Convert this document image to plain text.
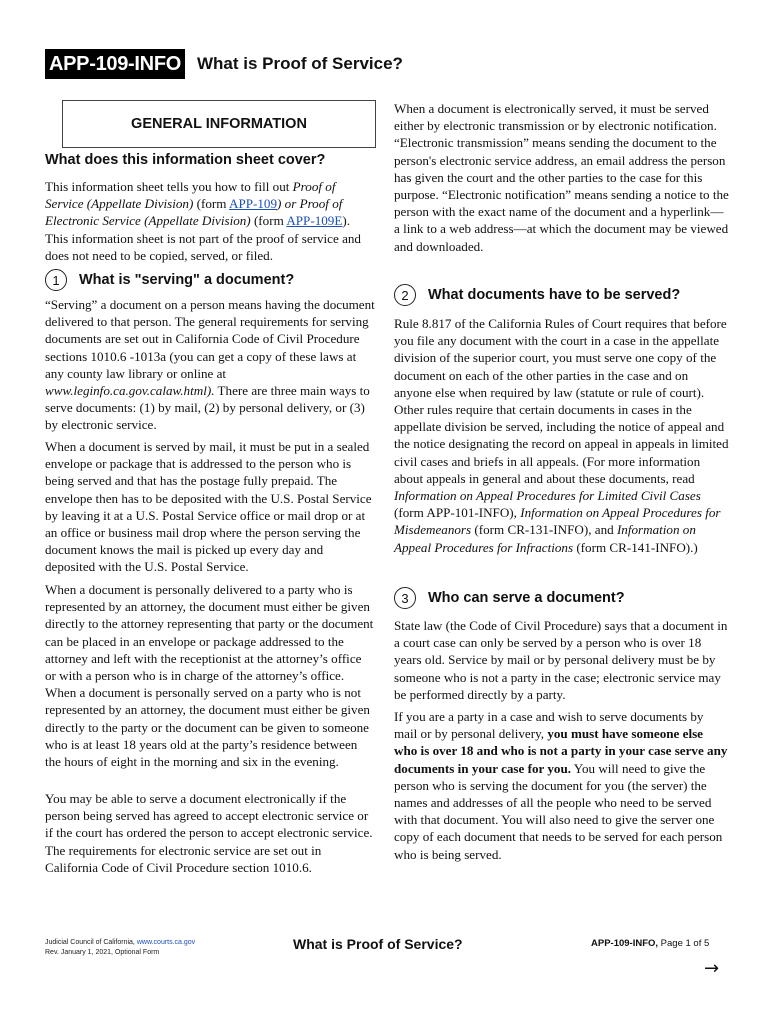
APP-109-INFO What is Proof of Service?
GENERAL INFORMATION
What does this information sheet cover?

This information sheet tells you how to fill out Proof of Service (Appellate Division) (form APP-109) or Proof of Electronic Service (Appellate Division) (form APP-109E). This information sheet is not part of the proof of service and does not need to be copied, served, or filed.

1	What is "serving" a document?

“Serving” a document on a person means having the document delivered to that person. The general requirements for serving documents are set out in California Code of Civil Procedure sections 1010.6 -1013a (you can get a copy of these laws at any county law library or online at www.leginfo.ca.gov.calaw.html). There are three main ways to serve documents: (1) by mail, (2) by personal delivery, or (3) by electronic service.

When a document is served by mail, it must be put in a sealed envelope or package that is addressed to the person who is being served and that has the postage fully prepaid. The envelope then has to be deposited with the U.S. Postal Service by leaving it at a U.S. Postal Service office or mail drop or at an office or business mail drop where the person serving the document knows the mail is picked up every day and deposited with the U.S. Postal Service.

When a document is personally delivered to a party who is represented by an attorney, the document must either be given directly to the attorney representing that party or the document can be placed in an envelope or package addressed to the attorney and left with the receptionist at the attorney’s office or with a person who is in charge of the attorney’s office. When a document is personally served on a party who is not represented by an attorney, the document must either be given directly to the party or the document can be given to someone who is at least 18 years old at the party’s residence between the hours of eight in the morning and six in the evening.

You may be able to serve a document electronically if the person being served has agreed to accept electronic service or if the court has ordered the person to accept electronic service. The requirements for electronic service are set out in California Code of Civil Procedure section 1010.6.

When a document is electronically served, it must be served either by electronic transmission or by electronic notification. “Electronic transmission” means sending the document to the person's electronic service address, an email address the person has given the court and the other parties to the case for this purpose. “Electronic notification” means sending a notice to the person with the exact name of the document and a hyperlink—a link to a web address—at which the document may be viewed and downloaded.

2	What documents have to be served?

Rule 8.817 of the California Rules of Court requires that before you file any document with the court in a case in the appellate division of the superior court, you must serve one copy of the document on each of the other parties in the case and on anyone else when required by law (statute or rule of court). Other rules require that certain documents in cases in the appellate division be served, including the notice of appeal and the notice designating the record on appeal in appeals in limited civil cases and briefs in all appeals. (For more information about appeals in general and about these documents, read Information on Appeal Procedures for Limited Civil Cases (form APP-101-INFO), Information on Appeal Procedures for Misdemeanors (form CR-131-INFO), and Information on Appeal Procedures for Infractions (form CR-141-INFO).)

3	Who can serve a document?

State law (the Code of Civil Procedure) says that a document in a court case can only be served by a person who is over 18 years old. Service by mail or by personal delivery must be by someone who is not a party in the case; electronic service may be performed directly by a party.

If you are a party in a case and wish to serve documents by mail or by personal delivery, you must have someone else who is over 18 and who is not a party in your case serve any documents in your case for you. You will need to give the person who is serving the document for you (the server) the names and addresses of all the people who need to be served with that document. You will also need to give the server one copy of each document that needs to be served for each person who is being served.

Judicial Council of California, www.courts.ca.gov
Rev. January 1, 2021, Optional Form
What is Proof of Service?	APP-109-INFO, Page 1 of 5
→
